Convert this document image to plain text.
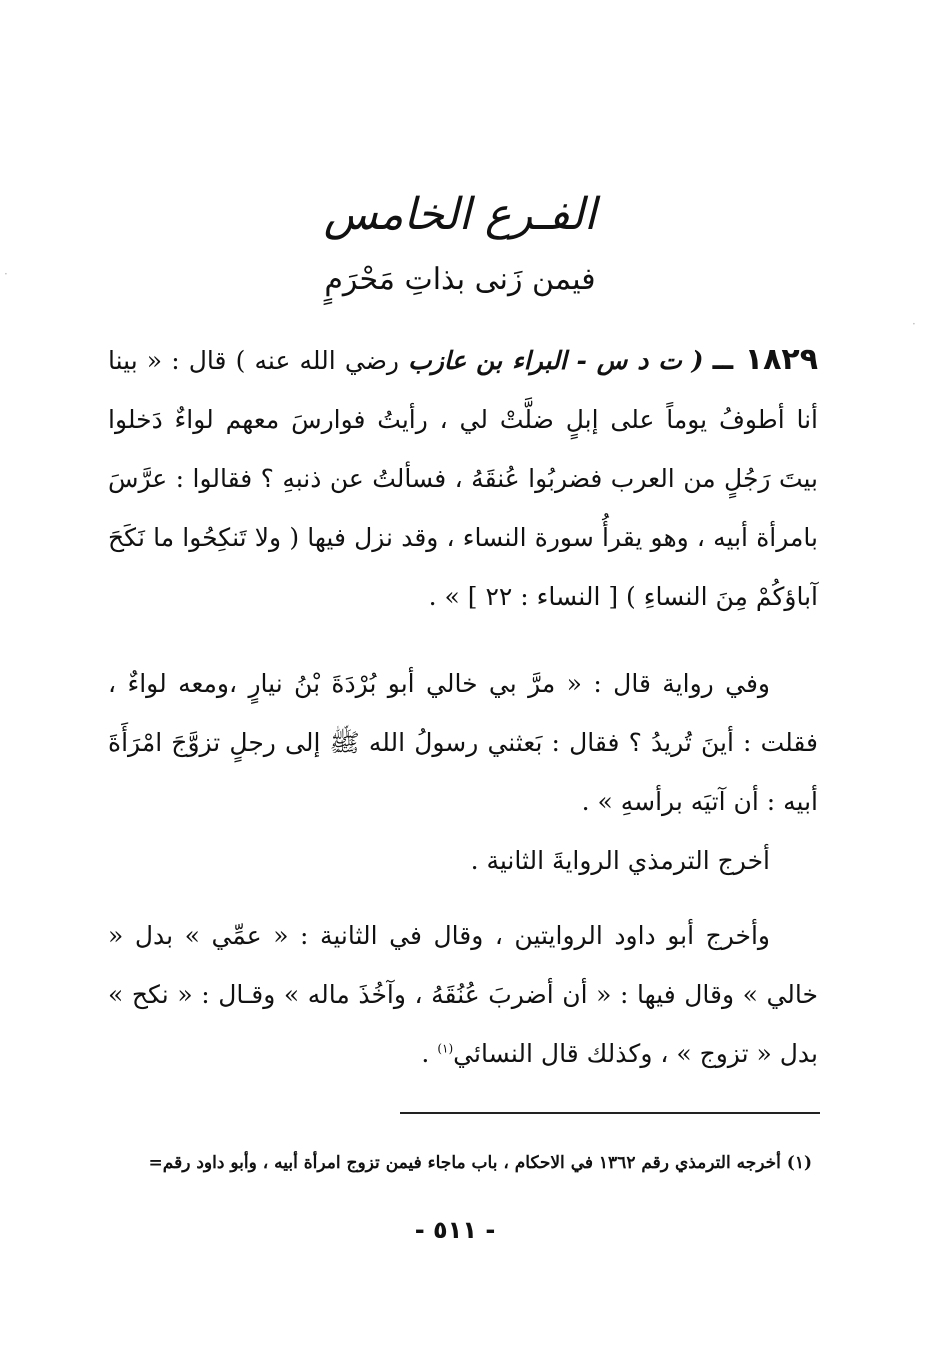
الفـرع الخامس
فيمن زَنى بذاتِ مَحْرَمٍ
١٨٢٩ ــ ( ت د س - البراء بن عازب رضي الله عنه ) قال : « بينا أنا أطوفُ يوماً على إبلٍ ضلَّتْ لي ، رأيتُ فوارسَ معهم لواءٌ دَخلوا بيتَ رَجُلٍ من العرب فضربُوا عُنقَهُ ، فسألتُ عن ذنبهِ ؟ فقالوا : عرَّسَ بامرأة أبيه ، وهو يقرأُ سورة النساء ، وقد نزل فيها ( ولا تَنكِحُوا ما نَكَحَ آباؤكُمْ مِنَ النساءِ ) [ النساء : ٢٢ ] » .
وفي رواية قال : « مرَّ بي خالي أبو بُرْدَةَ بْنُ نيارٍ ،ومعه لواءٌ ، فقلت : أينَ تُريدُ ؟ فقال : بَعثني رسولُ الله ﷺ إلى رجلٍ تزوَّجَ امْرَأَةَ أبيه : أن آتيَه برأسهِ » .
أخرج الترمذي الروايةَ الثانية .
وأخرج أبو داود الروايتين ، وقال في الثانية : « عمِّي » بدل « خالي » وقال فيها : « أن أضربَ عُنُقَهُ ، وآخُذَ ماله » وقـال : « نكح » بدل « تزوج » ، وكذلك قال النسائي$^{(١)}$ .
(١) أخرجه الترمذي رقم ١٣٦٢ في الاحكام ، باب ماجاء فيمن تزوج امرأة أبيه ، وأبو داود رقم=
- ٥١١ -
·
·
